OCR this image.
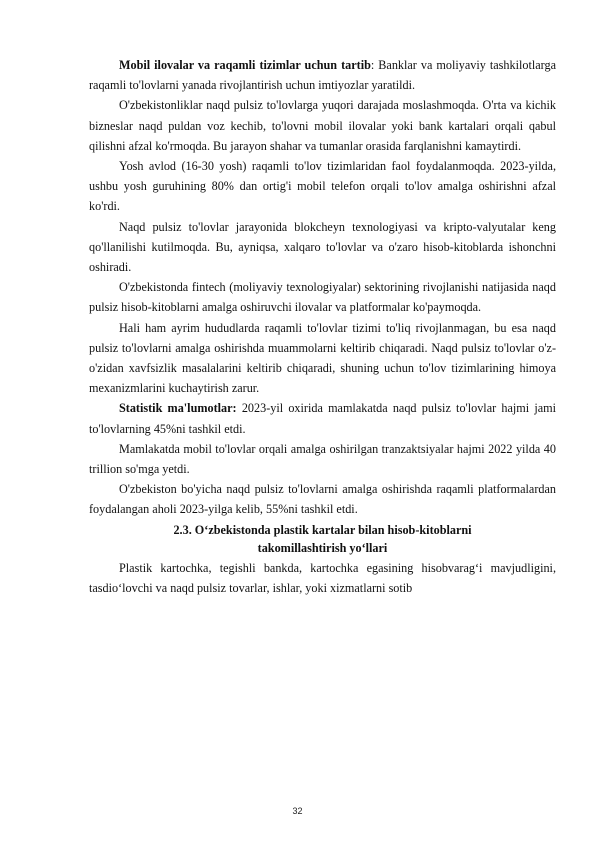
Mobil ilovalar va raqamli tizimlar uchun tartib: Banklar va moliyaviy tashkilotlarga raqamli to'lovlarni yanada rivojlantirish uchun imtiyozlar yaratildi.

O'zbekistonliklar naqd pulsiz to'lovlarga yuqori darajada moslashmoqda. O'rta va kichik bizneslar naqd puldan voz kechib, to'lovni mobil ilovalar yoki bank kartalari orqali qabul qilishni afzal ko'rmoqda. Bu jarayon shahar va tumanlar orasida farqlanishni kamaytirdi.

Yosh avlod (16-30 yosh) raqamli to'lov tizimlaridan faol foydalanmoqda. 2023-yilda, ushbu yosh guruhining 80% dan ortig'i mobil telefon orqali to'lov amalga oshirishni afzal ko'rdi.

Naqd pulsiz to'lovlar jarayonida blokcheyn texnologiyasi va kripto-valyutalar keng qo'llanilishi kutilmoqda. Bu, ayniqsa, xalqaro to'lovlar va o'zaro hisob-kitoblarda ishonchni oshiradi.

O'zbekistonda fintech (moliyaviy texnologiyalar) sektorining rivojlanishi natijasida naqd pulsiz hisob-kitoblarni amalga oshiruvchi ilovalar va platformalar ko'paymoqda.

Hali ham ayrim hududlarda raqamli to'lovlar tizimi to'liq rivojlanmagan, bu esa naqd pulsiz to'lovlarni amalga oshirishda muammolarni keltirib chiqaradi. Naqd pulsiz to'lovlar o'z-o'zidan xavfsizlik masalalarini keltirib chiqaradi, shuning uchun to'lov tizimlarining himoya mexanizmlarini kuchaytirish zarur.

Statistik ma'lumotlar: 2023-yil oxirida mamlakatda naqd pulsiz to'lovlar hajmi jami to'lovlarning 45%ni tashkil etdi.

Mamlakatda mobil to'lovlar orqali amalga oshirilgan tranzaktsiyalar hajmi 2022 yilda 40 trillion so'mga yetdi.

O'zbekiston bo'yicha naqd pulsiz to'lovlarni amalga oshirishda raqamli platformalardan foydalangan aholi 2023-yilga kelib, 55%ni tashkil etdi.

2.3. O‘zbekistonda plastik kartalar bilan hisob-kitoblarni takomillashtirish yo‘llari

Plastik kartochka, tegishli bankda, kartochka egasining hisobvarag‘i mavjudligini, tasdio‘lovchi va naqd pulsiz tovarlar, ishlar, yoki xizmatlarni sotib

32
